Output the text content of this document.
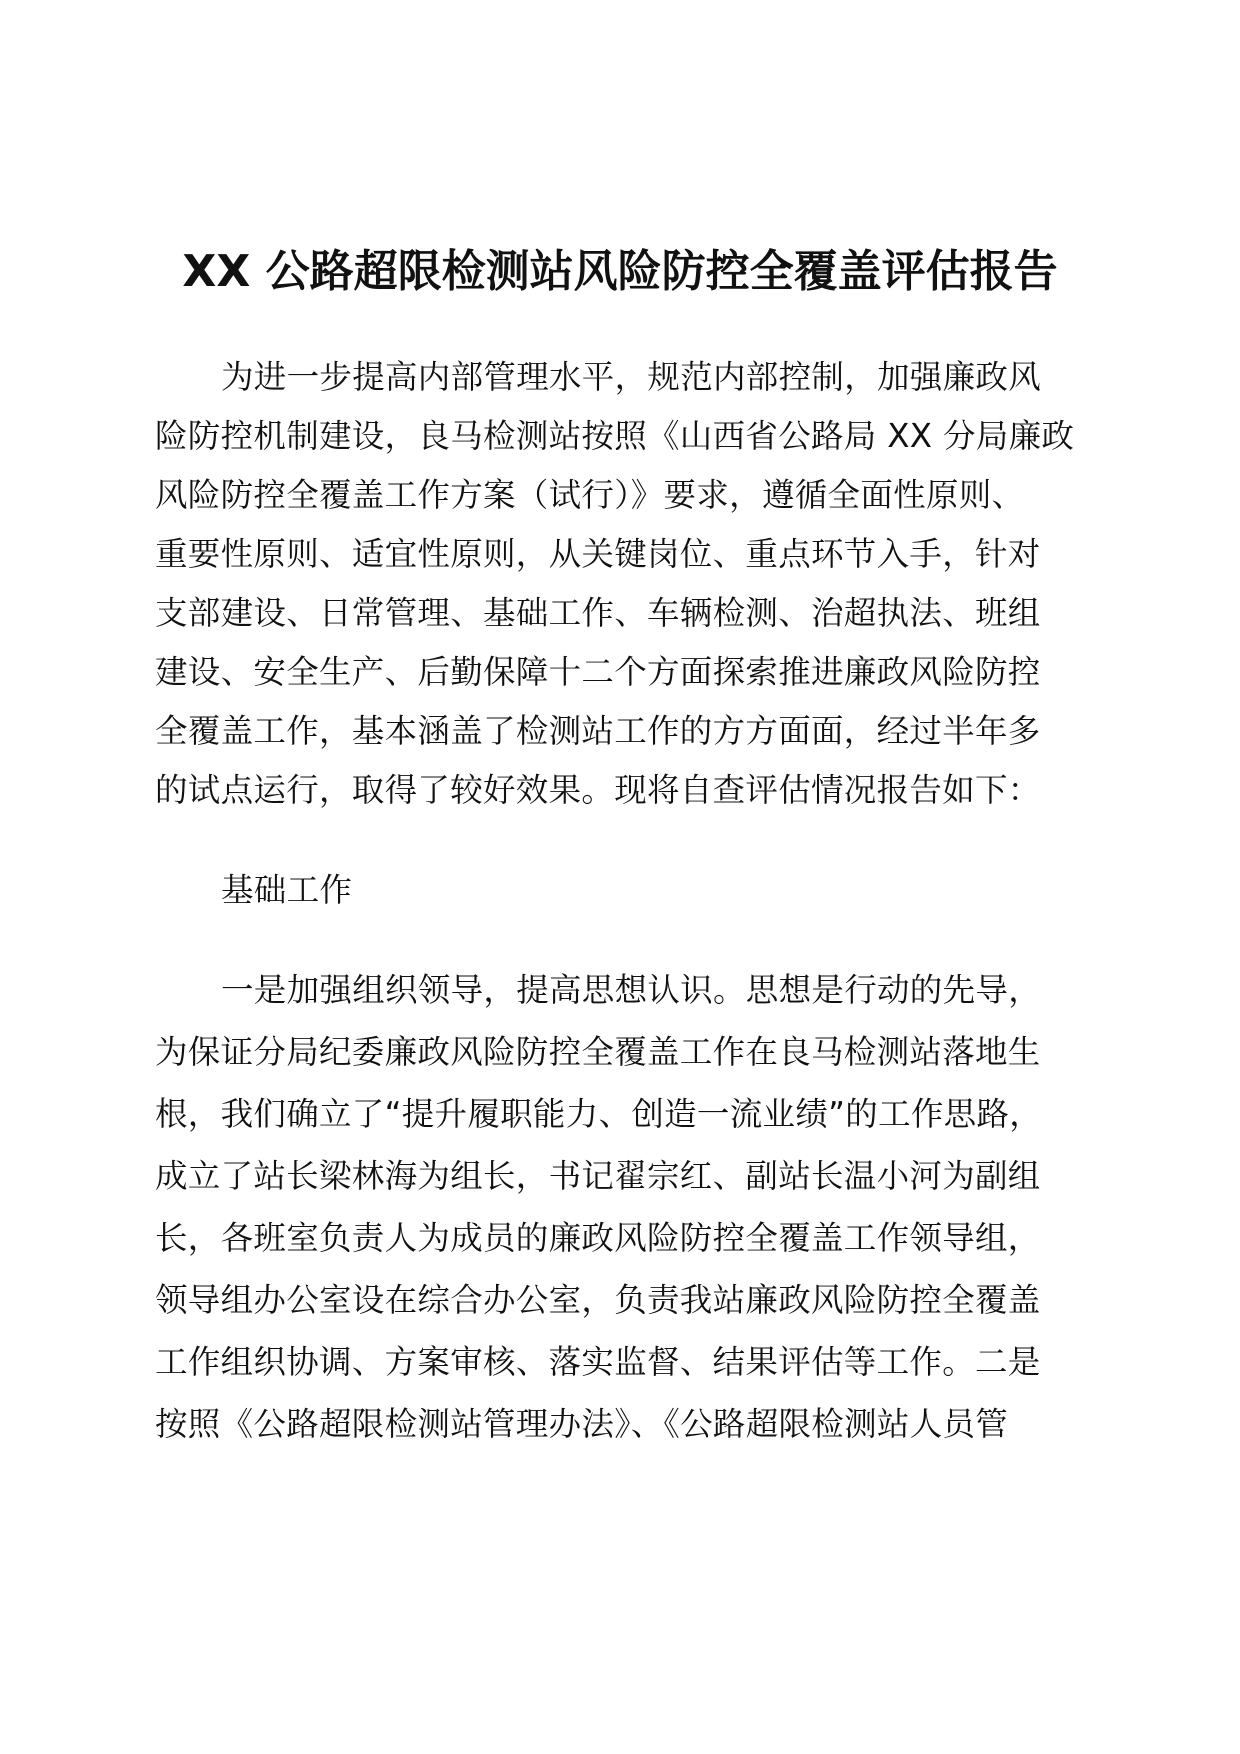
XX 公路超限检测站风险防控全覆盖评估报告
为进一步提高内部管理水平，规范内部控制，加强廉政风
险防控机制建设，良马检测站按照《山西省公路局 XX 分局廉政
风险防控全覆盖工作方案（试行）》要求，遵循全面性原则、
重要性原则、适宜性原则，从关键岗位、重点环节入手，针对
支部建设、日常管理、基础工作、车辆检测、治超执法、班组
建设、安全生产、后勤保障十二个方面探索推进廉政风险防控
全覆盖工作，基本涵盖了检测站工作的方方面面，经过半年多
的试点运行，取得了较好效果。现将自查评估情况报告如下：
基础工作
一是加强组织领导，提高思想认识。思想是行动的先导，
为保证分局纪委廉政风险防控全覆盖工作在良马检测站落地生
根，我们确立了“提升履职能力、创造一流业绩”的工作思路，
成立了站长梁林海为组长，书记翟宗红、副站长温小河为副组
长，各班室负责人为成员的廉政风险防控全覆盖工作领导组，
领导组办公室设在综合办公室，负责我站廉政风险防控全覆盖
工作组织协调、方案审核、落实监督、结果评估等工作。二是
按照《公路超限检测站管理办法》、《公路超限检测站人员管
